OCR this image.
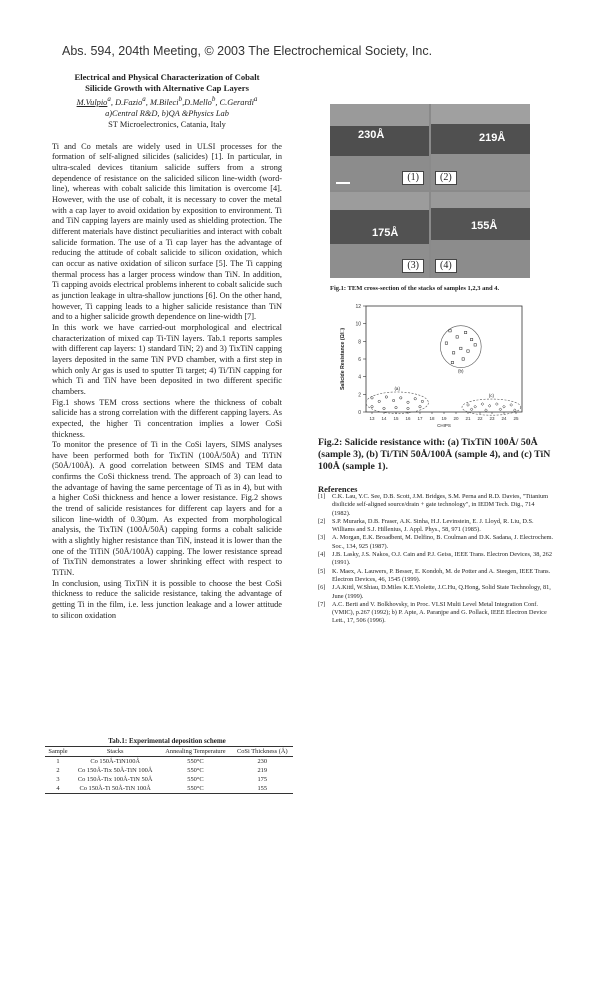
Abs. 594, 204th Meeting, © 2003 The Electrochemical Society, Inc.
Electrical and Physical Characterization of Cobalt
Silicide Growth with Alternative Cap Layers
M.Vulpio$^a$, D.Fazio$^a$, M.Bileci$^b$,D.Mello$^b$, C.Gerardi$^a$
a)Central R&D, b)QA &Physics Lab
ST Microelectronics, Catania, Italy

Ti and Co metals are widely used in ULSI processes for the formation of self-aligned silicides (salicides) [1]. In particular, in ultra-scaled devices titanium salicide suffers from a strong dependence of resistance on the salicided silicon line-width (word-line), whereas with cobalt salicide this limitation is overcome [4]. However, with the use of cobalt, it is necessary to cover the metal with a cap layer to avoid oxidation by exposition to environment. Ti and TiN capping layers are mainly used as shielding protection. The different materials have distinct peculiarities and interact with cobalt salicide formation. The use of a Ti cap layer has the advantage of reducing the attitude of cobalt salicide to silicon oxidation, which can occur as native oxidation of silicon surface [5]. The Ti capping thermal process has a larger process window than TiN. In addition, Ti capping avoids electrical problems inherent to cobalt salicide such as junction leakage in ultra-shallow junctions [6]. On the other hand, however, Ti capping leads to a higher salicide resistance than TiN and to a higher salicide growth dependence on line-width [7].

In this work we have carried-out morphological and electrical characterization of mixed cap Ti-TiN layers. Tab.1 reports samples with different cap layers: 1) standard TiN; 2) and 3) TixTiN capping layers deposited in the same TiN PVD chamber, with a first step in which only Ar gas is used to sputter Ti target; 4) Ti/TiN capping for which Ti and TiN have been deposited in two different specific chambers.

Fig.1 shows TEM cross sections where the thickness of cobalt salicide has a strong correlation with the different capping layers. As expected, the higher Ti concentration implies a lower CoSi thickness.

To monitor the presence of Ti in the CoSi layers, SIMS analyses have been performed both for TixTiN (100Å/50Å) and TiTiN (50Å/100Å). A good correlation between SIMS and TEM data confirms the CoSi thickness trend. The approach of 3) can lead to the advantage of having the same percentage of Ti as in 4), but with a higher CoSi thickness and hence a lower resistance. Fig.2 shows the trend of salicide resistances for different cap layers and for a silicon line-width of 0.30µm. As expected from morphological analysis, the TixTiN (100Å/50Å) capping forms a cobalt salicide with a slightly higher resistance than TiN, instead it is lower than the one of the TiTiN (50Å/100Å) capping. The lower resistance spread of TixTiN demonstrates a lower shrinking effect with respect to TiTiN.

In conclusion, using TixTiN it is possible to choose the best CoSi thickness to reduce the salicide resistance, taking the advantage of getting Ti in the film, i.e. less junction leakage and a lower attitude to silicon oxidation

Tab.1: Experimental deposition scheme
Sample	Stacks	Annealing Temperature	CoSi Thickness (Å)
1	Co 150Å-TiN100Å	550°C	230
2	Co 150Å-Tix 50Å-TiN 100Å	550°C	219
3	Co 150Å-Tix 100Å-TiN 50Å	550°C	175
4	Co 150Å-Ti 50Å-TiN 100Å	550°C	155
230Å
(1)
219Å
(2)
175Å
(3)
155Å
(4)
Fig.1: TEM cross-section of the stacks of samples 1,2,3 and 4.
0
2
4
6
8
10
12
13 14 15 16 17 18 19 20 21 22 23 24 25
Salicide Resistance (Ω/□)
CHIPS
(a)
(b)
(c)
Fig.2: Salicide resistance with: (a) TixTiN 100Å/ 50Å (sample 3), (b) Ti/TiN 50Å/100Å (sample 4), and (c) TiN 100Å (sample 1).
References
[1]	C.K. Lau, Y.C. See, D.B. Scott, J.M. Bridges, S.M. Perna and R.D. Davies, "Titanium disilicide self-aligned source/drain + gate technology", in IEDM Tech. Dig., 714 (1982).
[2]	S.P. Murarka, D.B. Fraser, A.K. Sinha, H.J. Levinstein, E. J. Lloyd, R. Liu, D.S. Williams and S.J. Hillenius, J. Appl. Phys., 58, 971 (1985).
[3]	A. Morgan, E.K. Broadbent, M. Delfino, B. Coulman and D.K. Sadana, J. Electrochem. Soc., 134, 925 (1987).
[4]	J.B. Lasky, J.S. Nakos, O.J. Cain and P.J. Geiss, IEEE Trans. Electron Devices, 38, 262 (1991).
[5]	K. Maex, A. Lauwers, P. Besser, E. Kondoh, M. de Potter and A. Steegen, IEEE Trans. Electron Devices, 46, 1545 (1999).
[6]	J.A.Kittl, W.Shiau, D.Miles K.E.Violette, J.C.Hu, Q.Hong, Solid State Technology, 81, June (1999).
[7]	A.C. Berti and V. Bolkhovsky, in Proc. VLSI Multi Level Metal Integration Conf. (VMIC), p.267 (1992); b) P. Apte, A. Paranjpe and G. Pollack, IEEE Electron Device Lett., 17, 506 (1996).
